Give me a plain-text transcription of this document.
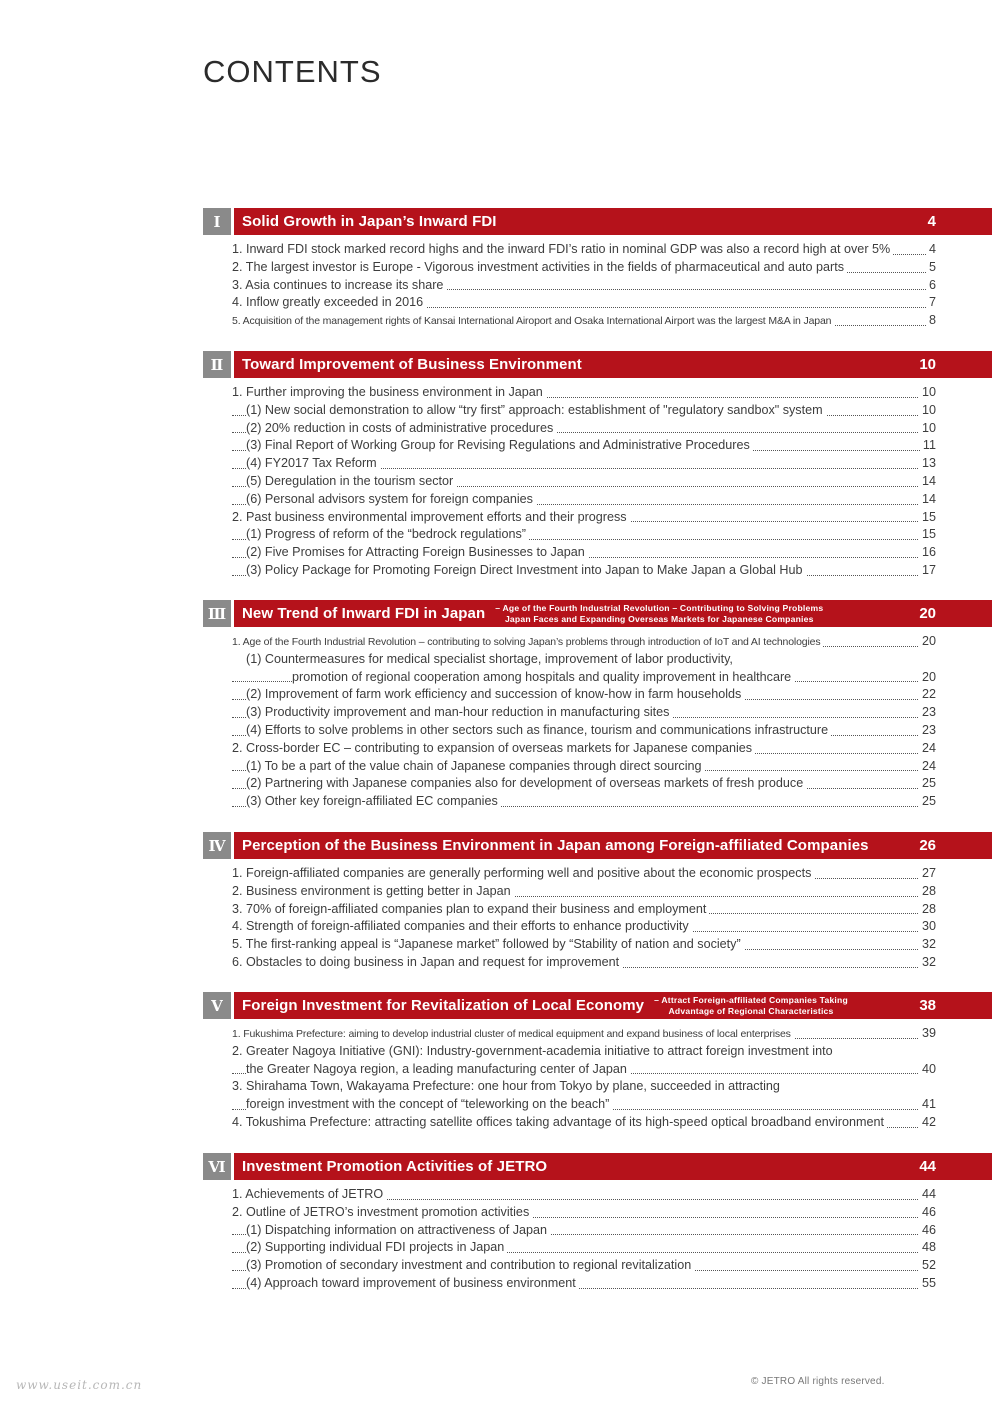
CONTENTS
Ⅰ	Solid Growth in Japan’s Inward FDI	4
1. Inward FDI stock marked record highs and the inward FDI’s ratio in nominal GDP was also a record high at over 5%	4
2. The largest investor is Europe - Vigorous investment activities in the fields of pharmaceutical and auto parts	5
3. Asia continues to increase its share	6
4. Inflow greatly exceeded in 2016	7
5. Acquisition of the management rights of Kansai International Airoport and Osaka International Airport was the largest M&A in Japan	8
Ⅱ	Toward Improvement of Business Environment	10
1. Further improving the business environment in Japan	10
(1) New social demonstration to allow “try first” approach: establishment of "regulatory sandbox" system	10
(2) 20% reduction in costs of administrative procedures	10
(3) Final Report of Working Group for Revising Regulations and Administrative Procedures	11
(4) FY2017 Tax Reform	13
(5) Deregulation in the tourism sector	14
(6) Personal advisors system for foreign companies	14
2. Past business environmental improvement efforts and their progress	15
(1) Progress of reform of the “bedrock regulations”	15
(2) Five Promises for Attracting Foreign Businesses to Japan	16
(3) Policy Package for Promoting Foreign Direct Investment into Japan to Make Japan a Global Hub	17
Ⅲ	New Trend of Inward FDI in Japan – Age of the Fourth Industrial Revolution – Contributing to Solving Problems
Japan Faces and Expanding Overseas Markets for Japanese Companies	20
1. Age of the Fourth Industrial Revolution – contributing to solving Japan’s problems through introduction of IoT and AI technologies	20
(1) Countermeasures for medical specialist shortage, improvement of labor productivity,
promotion of regional cooperation among hospitals and quality improvement in healthcare	20
(2) Improvement of farm work efficiency and succession of know-how in farm households	22
(3) Productivity improvement and man-hour reduction in manufacturing sites	23
(4) Efforts to solve problems in other sectors such as finance, tourism and communications infrastructure	23
2. Cross-border EC – contributing to expansion of overseas markets for Japanese companies	24
(1) To be a part of the value chain of Japanese companies through direct sourcing	24
(2) Partnering with Japanese companies also for development of overseas markets of fresh produce	25
(3) Other key foreign-affiliated EC companies	25
Ⅳ	Perception of the Business Environment in Japan among Foreign-affiliated Companies	26
1. Foreign-affiliated companies are generally performing well and positive about the economic prospects	27
2. Business environment is getting better in Japan	28
3. 70% of foreign-affiliated companies plan to expand their business and employment	28
4. Strength of foreign-affiliated companies and their efforts to enhance productivity	30
5. The first-ranking appeal is “Japanese market” followed by “Stability of nation and society”	32
6. Obstacles to doing business in Japan and request for improvement	32
Ⅴ	Foreign Investment for Revitalization of Local Economy – Attract Foreign-affiliated Companies Taking
Advantage of Regional Characteristics	38
1. Fukushima Prefecture: aiming to develop industrial cluster of medical equipment and expand business of local enterprises	39
2. Greater Nagoya Initiative (GNI): Industry-government-academia initiative to attract foreign investment into
the Greater Nagoya region, a leading manufacturing center of Japan	40
3. Shirahama Town, Wakayama Prefecture: one hour from Tokyo by plane, succeeded in attracting
foreign investment with the concept of “teleworking on the beach”	41
4. Tokushima Prefecture: attracting satellite offices taking advantage of its high-speed optical broadband environment	42
Ⅵ	Investment Promotion Activities of JETRO	44
1. Achievements of JETRO	44
2. Outline of JETRO’s investment promotion activities	46
(1) Dispatching information on attractiveness of Japan	46
(2) Supporting individual FDI projects in Japan	48
(3) Promotion of secondary investment and contribution to regional revitalization	52
(4) Approach toward improvement of business environment	55
© JETRO All rights reserved.
www.useit.com.cn
